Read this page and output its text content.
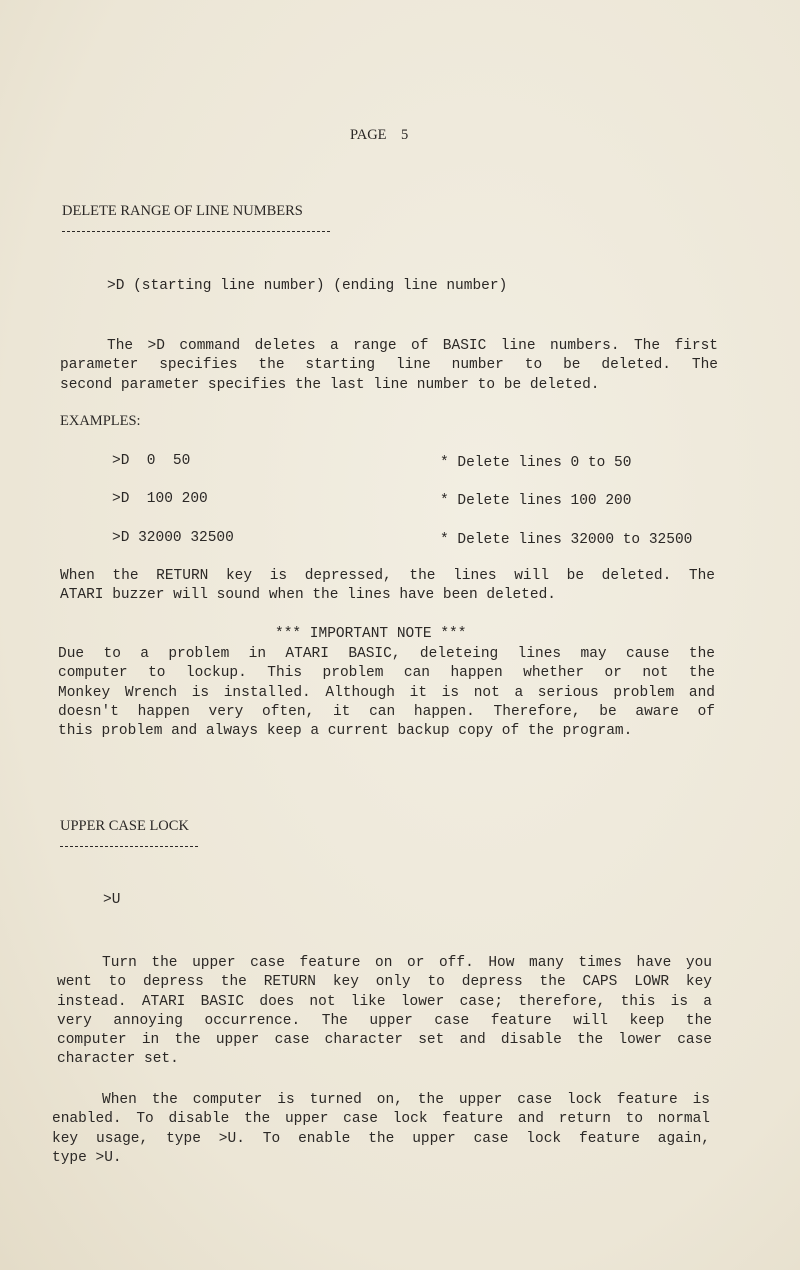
PAGE    5
DELETE RANGE OF LINE NUMBERS
>D (starting line number) (ending line number)
The >D command deletes a range of BASIC line numbers. The first
parameter specifies the starting line number to be deleted. The
second parameter specifies the last line number to be deleted.
EXAMPLES:
>D  0  50	* Delete lines 0 to 50
>D  100 200	* Delete lines 100 200
>D 32000 32500	* Delete lines 32000 to 32500
When the RETURN key is depressed, the lines will be deleted. The
ATARI buzzer will sound when the lines have been deleted.
*** IMPORTANT NOTE ***
Due to a problem in ATARI BASIC, deleteing lines may cause the
computer to lockup. This problem can happen whether or not the
Monkey Wrench is installed. Although it is not a serious problem and
doesn't happen very often, it can happen. Therefore, be aware of
this problem and always keep a current backup copy of the program.
UPPER CASE LOCK
>U
Turn the upper case feature on or off. How many times have you
went to depress the RETURN key only to depress the CAPS LOWR key
instead. ATARI BASIC does not like lower case; therefore, this is a
very annoying occurrence. The upper case feature will keep the
computer in the upper case character set and disable the lower case
character set.
When the computer is turned on, the upper case lock feature is
enabled. To disable the upper case lock feature and return to normal
key usage, type >U. To enable the upper case lock feature again,
type >U.
